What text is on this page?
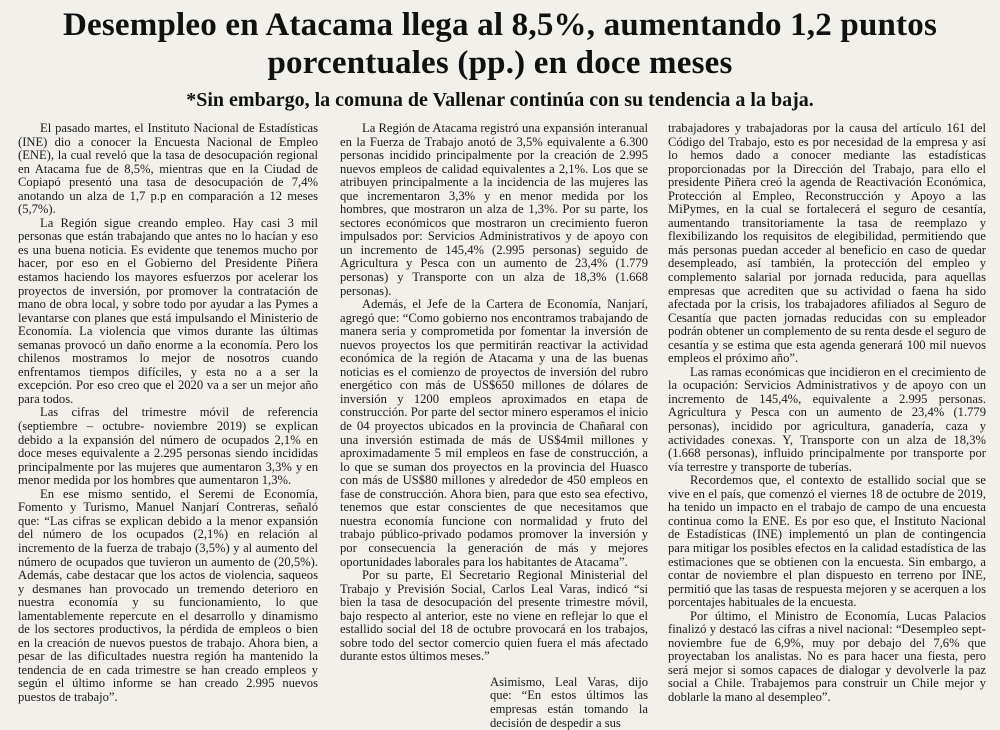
Desempleo en Atacama llega al 8,5%, aumentando 1,2 puntos porcentuales (pp.) en doce meses
*Sin embargo, la comuna de Vallenar continúa con su tendencia a la baja.

El pasado martes, el Instituto Nacional de Estadísticas (INE) dio a conocer la Encuesta Nacional de Empleo (ENE), la cual reveló que la tasa de desocupación regional en Atacama fue de 8,5%, mientras que en la Ciudad de Copiapó presentó una tasa de desocupación de 7,4% anotando un alza de 1,7 p.p en comparación a 12 meses (5,7%).

La Región sigue creando empleo. Hay casi 3 mil personas que están trabajando que antes no lo hacían y eso es una buena noticia. Es evidente que tenemos mucho por hacer, por eso en el Gobierno del Presidente Piñera estamos haciendo los mayores esfuerzos por acelerar los proyectos de inversión, por promover la contratación de mano de obra local, y sobre todo por ayudar a las Pymes a levantarse con planes que está impulsando el Ministerio de Economía. La violencia que vimos durante las últimas semanas provocó un daño enorme a la economía. Pero los chilenos mostramos lo mejor de nosotros cuando enfrentamos tiempos difíciles, y esta no a a ser la excepción. Por eso creo que el 2020 va a ser un mejor año para todos.

Las cifras del trimestre móvil de referencia (septiembre – octubre- noviembre 2019) se explican debido a la expansión del número de ocupados 2,1% en doce meses equivalente a 2.295 personas siendo incididas principalmente por las mujeres que aumentaron 3,3% y en menor medida por los hombres que aumentaron 1,3%.

En ese mismo sentido, el Seremi de Economía, Fomento y Turismo, Manuel Nanjarí Contreras, señaló que: “Las cifras se explican debido a la menor expansión del número de los ocupados (2,1%) en relación al incremento de la fuerza de trabajo (3,5%) y al aumento del número de ocupados que tuvieron un aumento de (20,5%). Además, cabe destacar que los actos de violencia, saqueos y desmanes han provocado un tremendo deterioro en nuestra economía y su funcionamiento, lo que lamentablemente repercute en el desarrollo y dinamismo de los sectores productivos, la pérdida de empleos o bien en la creación de nuevos puestos de trabajo. Ahora bien, a pesar de las dificultades nuestra región ha mantenido la tendencia de en cada trimestre se han creado empleos y según el último informe se han creado 2.995 nuevos puestos de trabajo”.

La Región de Atacama registró una expansión interanual en la Fuerza de Trabajo anotó de 3,5% equivalente a 6.300 personas incidido principalmente por la creación de 2.995 nuevos empleos de calidad equivalentes a 2,1%. Los que se atribuyen principalmente a la incidencia de las mujeres las que incrementaron 3,3% y en menor medida por los hombres, que mostraron un alza de 1,3%. Por su parte, los sectores económicos que mostraron un crecimiento fueron impulsados por: Servicios Administrativos y de apoyo con un incremento de 145,4% (2.995 personas) seguido de Agricultura y Pesca con un aumento de 23,4% (1.779 personas) y Transporte con un alza de 18,3% (1.668 personas).

Además, el Jefe de la Cartera de Economía, Nanjarí, agregó que: “Como gobierno nos encontramos trabajando de manera seria y comprometida por fomentar la inversión de nuevos proyectos los que permitirán reactivar la actividad económica de la región de Atacama y una de las buenas noticias es el comienzo de proyectos de inversión del rubro energético con más de US$650 millones de dólares de inversión y 1200 empleos aproximados en etapa de construcción. Por parte del sector minero esperamos el inicio de 04 proyectos ubicados en la provincia de Chañaral con una inversión estimada de más de US$4mil millones y aproximadamente 5 mil empleos en fase de construcción, a lo que se suman dos proyectos en la provincia del Huasco con más de US$80 millones y alrededor de 450 empleos en fase de construcción. Ahora bien, para que esto sea efectivo, tenemos que estar conscientes de que necesitamos que nuestra economía funcione con normalidad y fruto del trabajo público-privado podamos promover la inversión y por consecuencia la generación de más y mejores oportunidades laborales para los habitantes de Atacama”.

Por su parte, El Secretario Regional Ministerial del Trabajo y Previsión Social, Carlos Leal Varas, indicó “si bien la tasa de desocupación del presente trimestre móvil, bajo respecto al anterior, este no viene en reflejar lo que el estallido social del 18 de octubre provocará en los trabajos, sobre todo del sector comercio quien fuera el más afectado durante estos últimos meses.”

Asimismo, Leal Varas, dijo que: “En estos últimos las empresas están tomando la decisión de despedir a sus

trabajadores y trabajadoras por la causa del artículo 161 del Código del Trabajo, esto es por necesidad de la empresa y así lo hemos dado a conocer mediante las estadísticas proporcionadas por la Dirección del Trabajo, para ello el presidente Piñera creó la agenda de Reactivación Económica, Protección al Empleo, Reconstrucción y Apoyo a las MiPymes, en la cual se fortalecerá el seguro de cesantía, aumentando transitoriamente la tasa de reemplazo y flexibilizando los requisitos de elegibilidad, permitiendo que más personas puedan acceder al beneficio en caso de quedar desempleado, así también, la protección del empleo y complemento salarial por jornada reducida, para aquellas empresas que acrediten que su actividad o faena ha sido afectada por la crisis, los trabajadores afiliados al Seguro de Cesantía que pacten jornadas reducidas con su empleador podrán obtener un complemento de su renta desde el seguro de cesantía y se estima que esta agenda generará 100 mil nuevos empleos el próximo año”.

Las ramas económicas que incidieron en el crecimiento de la ocupación: Servicios Administrativos y de apoyo con un incremento de 145,4%, equivalente a 2.995 personas. Agricultura y Pesca con un aumento de 23,4% (1.779 personas), incidido por agricultura, ganadería, caza y actividades conexas. Y, Transporte con un alza de 18,3% (1.668 personas), influido principalmente por transporte por vía terrestre y transporte de tuberías.

Recordemos que, el contexto de estallido social que se vive en el país, que comenzó el viernes 18 de octubre de 2019, ha tenido un impacto en el trabajo de campo de una encuesta continua como la ENE. Es por eso que, el Instituto Nacional de Estadísticas (INE) implementó un plan de contingencia para mitigar los posibles efectos en la calidad estadística de las estimaciones que se obtienen con la encuesta. Sin embargo, a contar de noviembre el plan dispuesto en terreno por INE, permitió que las tasas de respuesta mejoren y se acerquen a los porcentajes habituales de la encuesta.

Por último, el Ministro de Economía, Lucas Palacios finalizó y destacó las cifras a nivel nacional: “Desempleo sept-noviembre fue de 6,9%, muy por debajo del 7,6% que proyectaban los analistas. No es para hacer una fiesta, pero será mejor si somos capaces de dialogar y devolverle la paz social a Chile. Trabajemos para construir un Chile mejor y doblarle la mano al desempleo”.
